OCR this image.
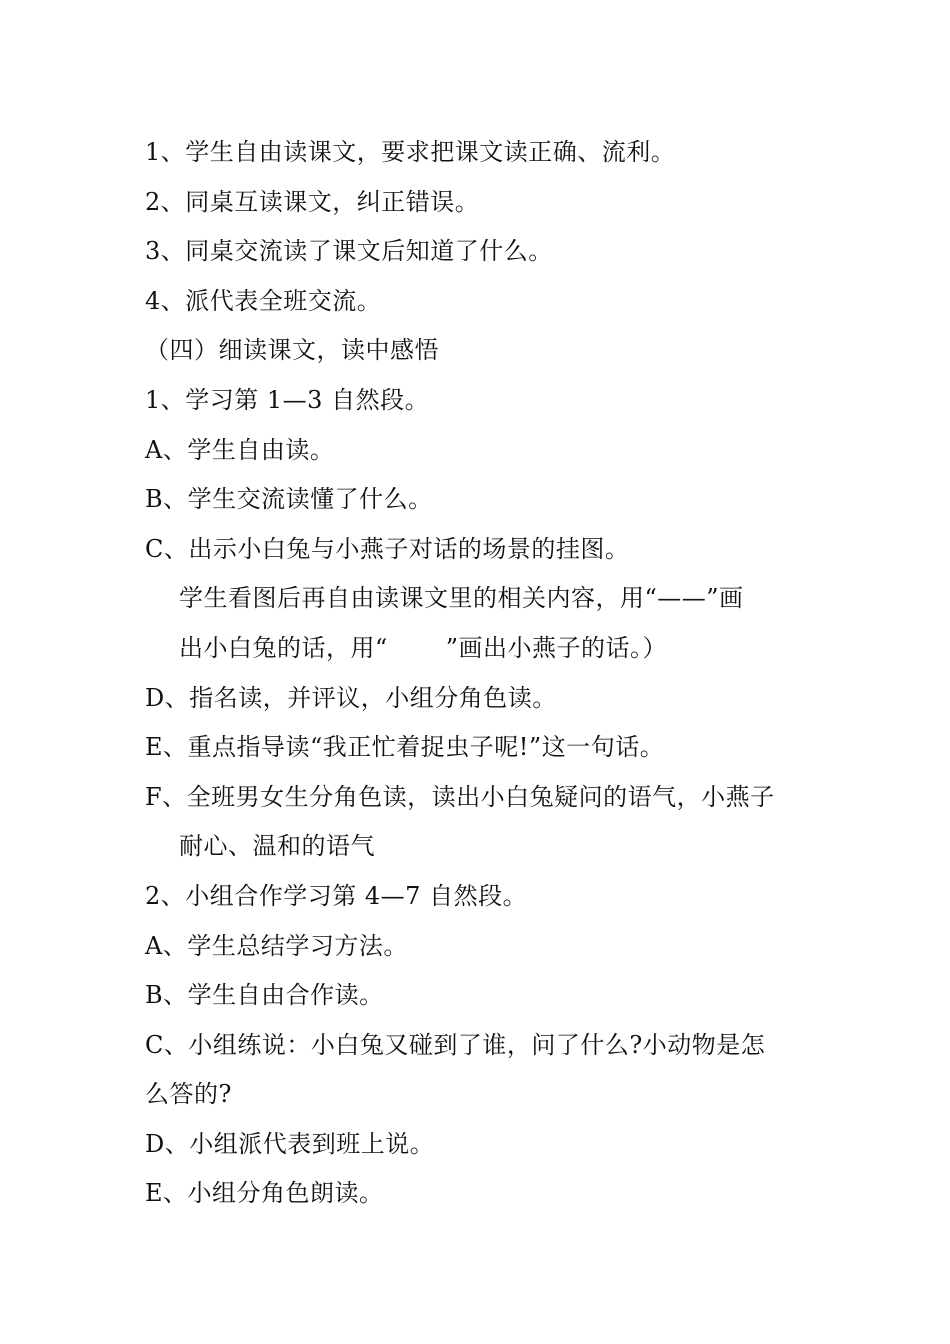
1、学生自由读课文，要求把课文读正确、流利。

2、同桌互读课文，纠正错误。

3、同桌交流读了课文后知道了什么。

4、派代表全班交流。

（四）细读课文，读中感悟

1、学习第 1—3 自然段。

A、学生自由读。

B、学生交流读懂了什么。

C、出示小白兔与小燕子对话的场景的挂图。

学生看图后再自由读课文里的相关内容，用“——”画

出小白兔的话，用“ ”画出小燕子的话。）

D、指名读，并评议，小组分角色读。

E、重点指导读“我正忙着捉虫子呢!”这一句话。

F、全班男女生分角色读，读出小白兔疑问的语气，小燕子

耐心、温和的语气

2、小组合作学习第 4—7 自然段。

A、学生总结学习方法。

B、学生自由合作读。

C、小组练说：小白兔又碰到了谁，问了什么?小动物是怎

么答的?

D、小组派代表到班上说。

E、小组分角色朗读。
